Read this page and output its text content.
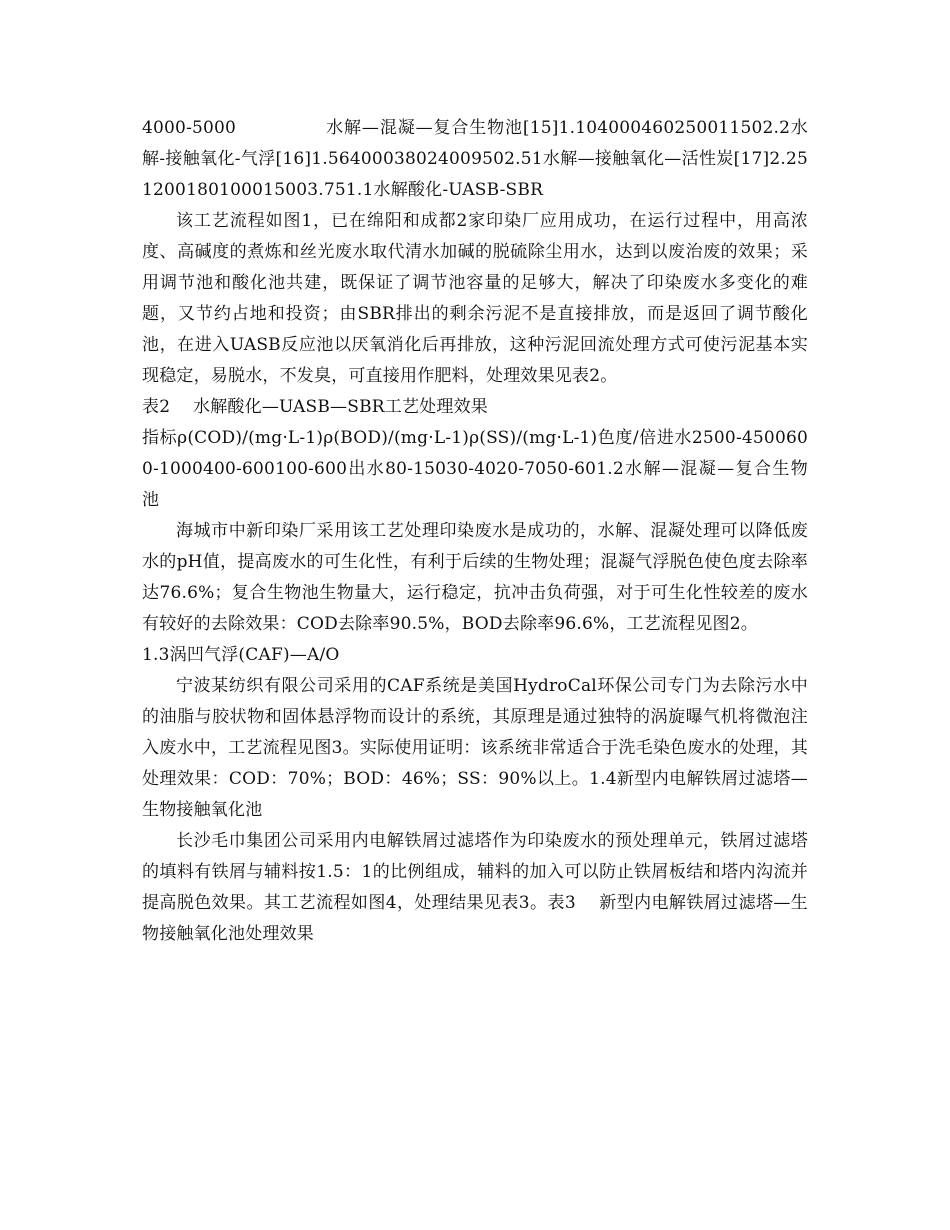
4000-5000　　　　　水解—混凝—复合生物池[15]1.104000460250011502.2水解-接触氧化-气浮[16]1.56400038024009502.51水解—接触氧化—活性炭[17]2.251200180100015003.751.1水解酸化-UASB-SBR

该工艺流程如图1，已在绵阳和成都2家印染厂应用成功，在运行过程中，用高浓度、高碱度的煮炼和丝光废水取代清水加碱的脱硫除尘用水，达到以废治废的效果；采用调节池和酸化池共建，既保证了调节池容量的足够大，解决了印染废水多变化的难题，又节约占地和投资；由SBR排出的剩余污泥不是直接排放，而是返回了调节酸化池，在进入UASB反应池以厌氧消化后再排放，这种污泥回流处理方式可使污泥基本实现稳定，易脱水，不发臭，可直接用作肥料，处理效果见表2。

表2　 水解酸化—UASB—SBR工艺处理效果

指标ρ(COD)/(mg·L-1)ρ(BOD)/(mg·L-1)ρ(SS)/(mg·L-1)色度/倍进水2500-4500600-1000400-600100-600出水80-15030-4020-7050-601.2水解—混凝—复合生物池

海城市中新印染厂采用该工艺处理印染废水是成功的，水解、混凝处理可以降低废水的pH值，提高废水的可生化性，有利于后续的生物处理；混凝气浮脱色使色度去除率达76.6%；复合生物池生物量大，运行稳定，抗冲击负荷强，对于可生化性较差的废水有较好的去除效果：COD去除率90.5%，BOD去除率96.6%，工艺流程见图2。

1.3涡凹气浮(CAF)—A/O

宁波某纺织有限公司采用的CAF系统是美国HydroCal环保公司专门为去除污水中的油脂与胶状物和固体悬浮物而设计的系统，其原理是通过独特的涡旋曝气机将微泡注入废水中，工艺流程见图3。实际使用证明：该系统非常适合于洗毛染色废水的处理，其处理效果：COD：70%；BOD：46%；SS：90%以上。1.4新型内电解铁屑过滤塔—生物接触氧化池

长沙毛巾集团公司采用内电解铁屑过滤塔作为印染废水的预处理单元，铁屑过滤塔的填料有铁屑与辅料按1.5：1的比例组成，辅料的加入可以防止铁屑板结和塔内沟流并提高脱色效果。其工艺流程如图4，处理结果见表3。表3　 新型内电解铁屑过滤塔—生物接触氧化池处理效果
